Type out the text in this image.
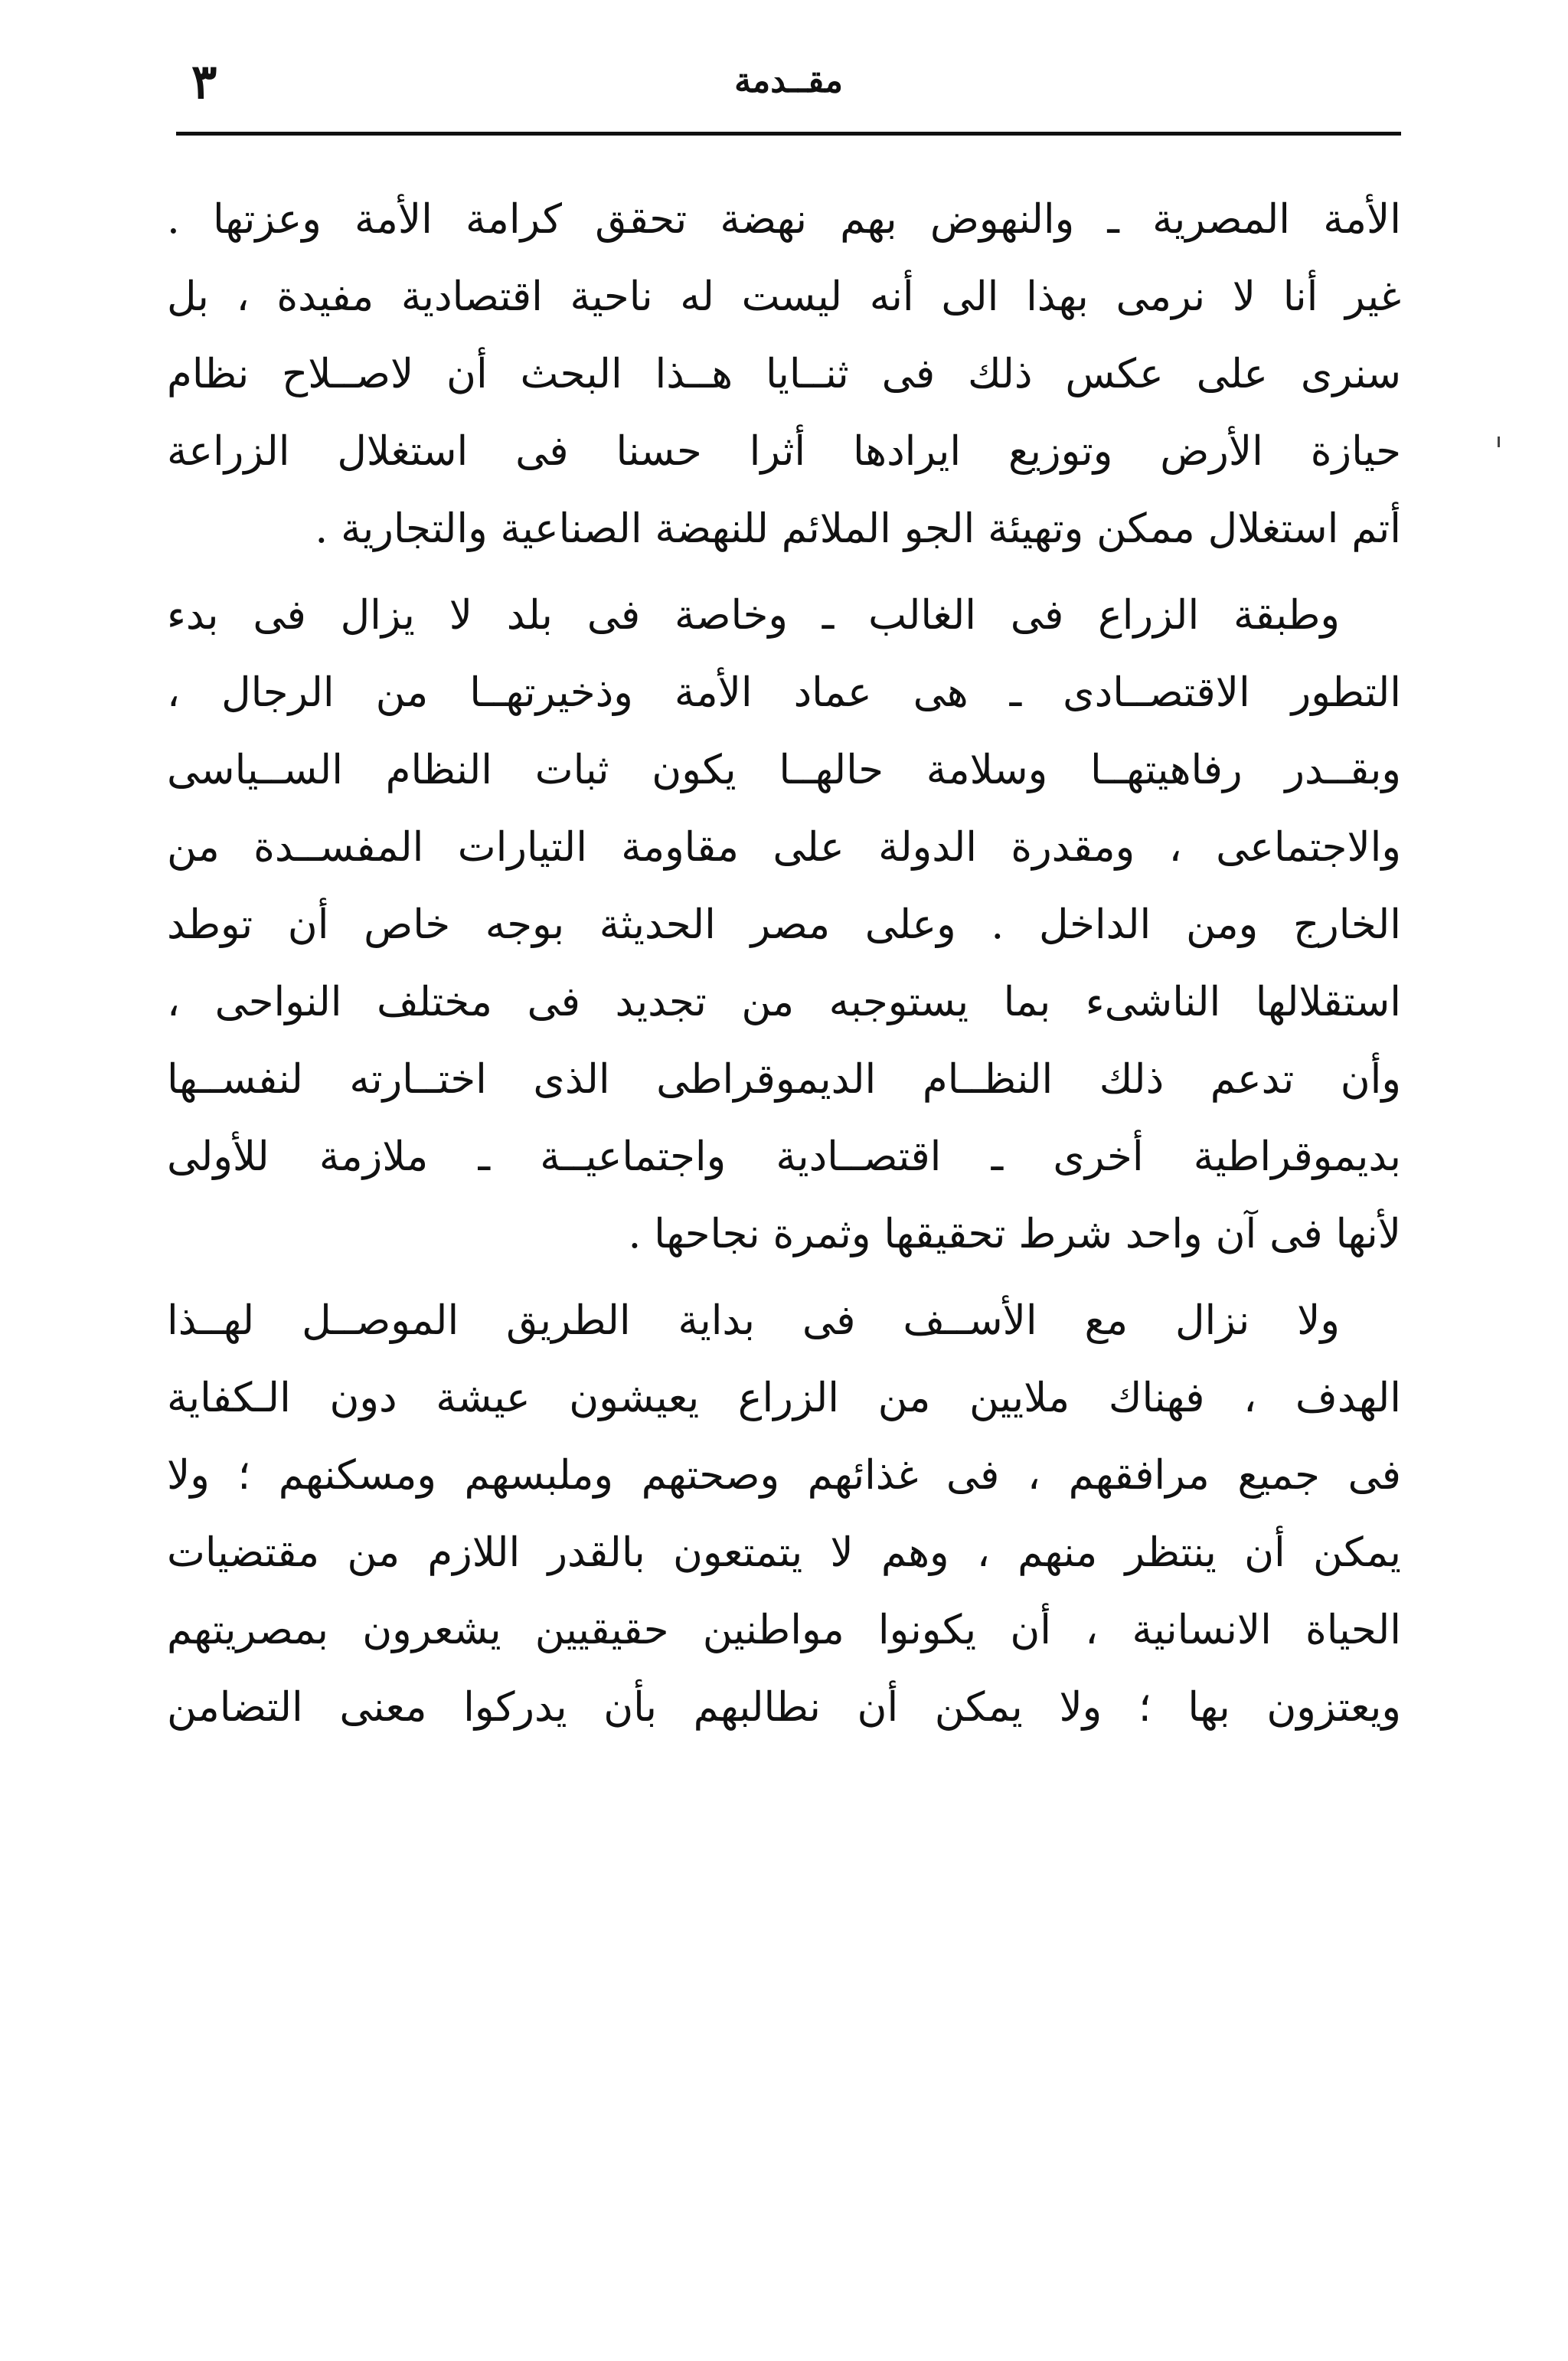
مقــدمة
٣
الأمة المصرية ـ والنهوض بهم نهضة تحقق كرامة الأمة وعزتها .
غير أنا لا نرمى بهذا الى أنه ليست له ناحية اقتصادية مفيدة ، بل
سنرى على عكس ذلك فى ثنــايا هــذا البحث أن لاصــلاح نظام
حيازة الأرض وتوزيع ايرادها أثرا حسنا فى استغلال الزراعة
أتم استغلال ممكن وتهيئة الجو الملائم للنهضة الصناعية والتجارية .
وطبقة الزراع فى الغالب ـ وخاصة فى بلد لا يزال فى بدء
التطور الاقتصــادى ـ هى عماد الأمة وذخيرتهــا من الرجال ،
وبقــدر رفاهيتهــا وسلامة حالهــا يكون ثبات النظام الســياسى
والاجتماعى ، ومقدرة الدولة على مقاومة التيارات المفســدة من
الخارج ومن الداخل . وعلى مصر الحديثة بوجه خاص أن توطد
استقلالها الناشىء بما يستوجبه من تجديد فى مختلف النواحى ،
وأن تدعم ذلك النظــام الديموقراطى الذى اختــارته لنفســها
بديموقراطية أخرى ـ اقتصــادية واجتماعيــة ـ ملازمة للأولى
لأنها فى آن واحد شرط تحقيقها وثمرة نجاحها .
ولا نزال مع الأســف فى بداية الطريق الموصــل لهــذا
الهدف ، فهناك ملايين من الزراع يعيشون عيشة دون الـكفاية
فى جميع مرافقهم ، فى غذائهم وصحتهم وملبسهم ومسكنهم ؛ ولا
يمكن أن ينتظر منهم ، وهم لا يتمتعون بالقدر اللازم من مقتضيات
الحياة الانسانية ، أن يكونوا مواطنين حقيقيين يشعرون بمصريتهم
ويعتزون بها ؛ ولا يمكن أن نطالبهم بأن يدركوا معنى التضامن
